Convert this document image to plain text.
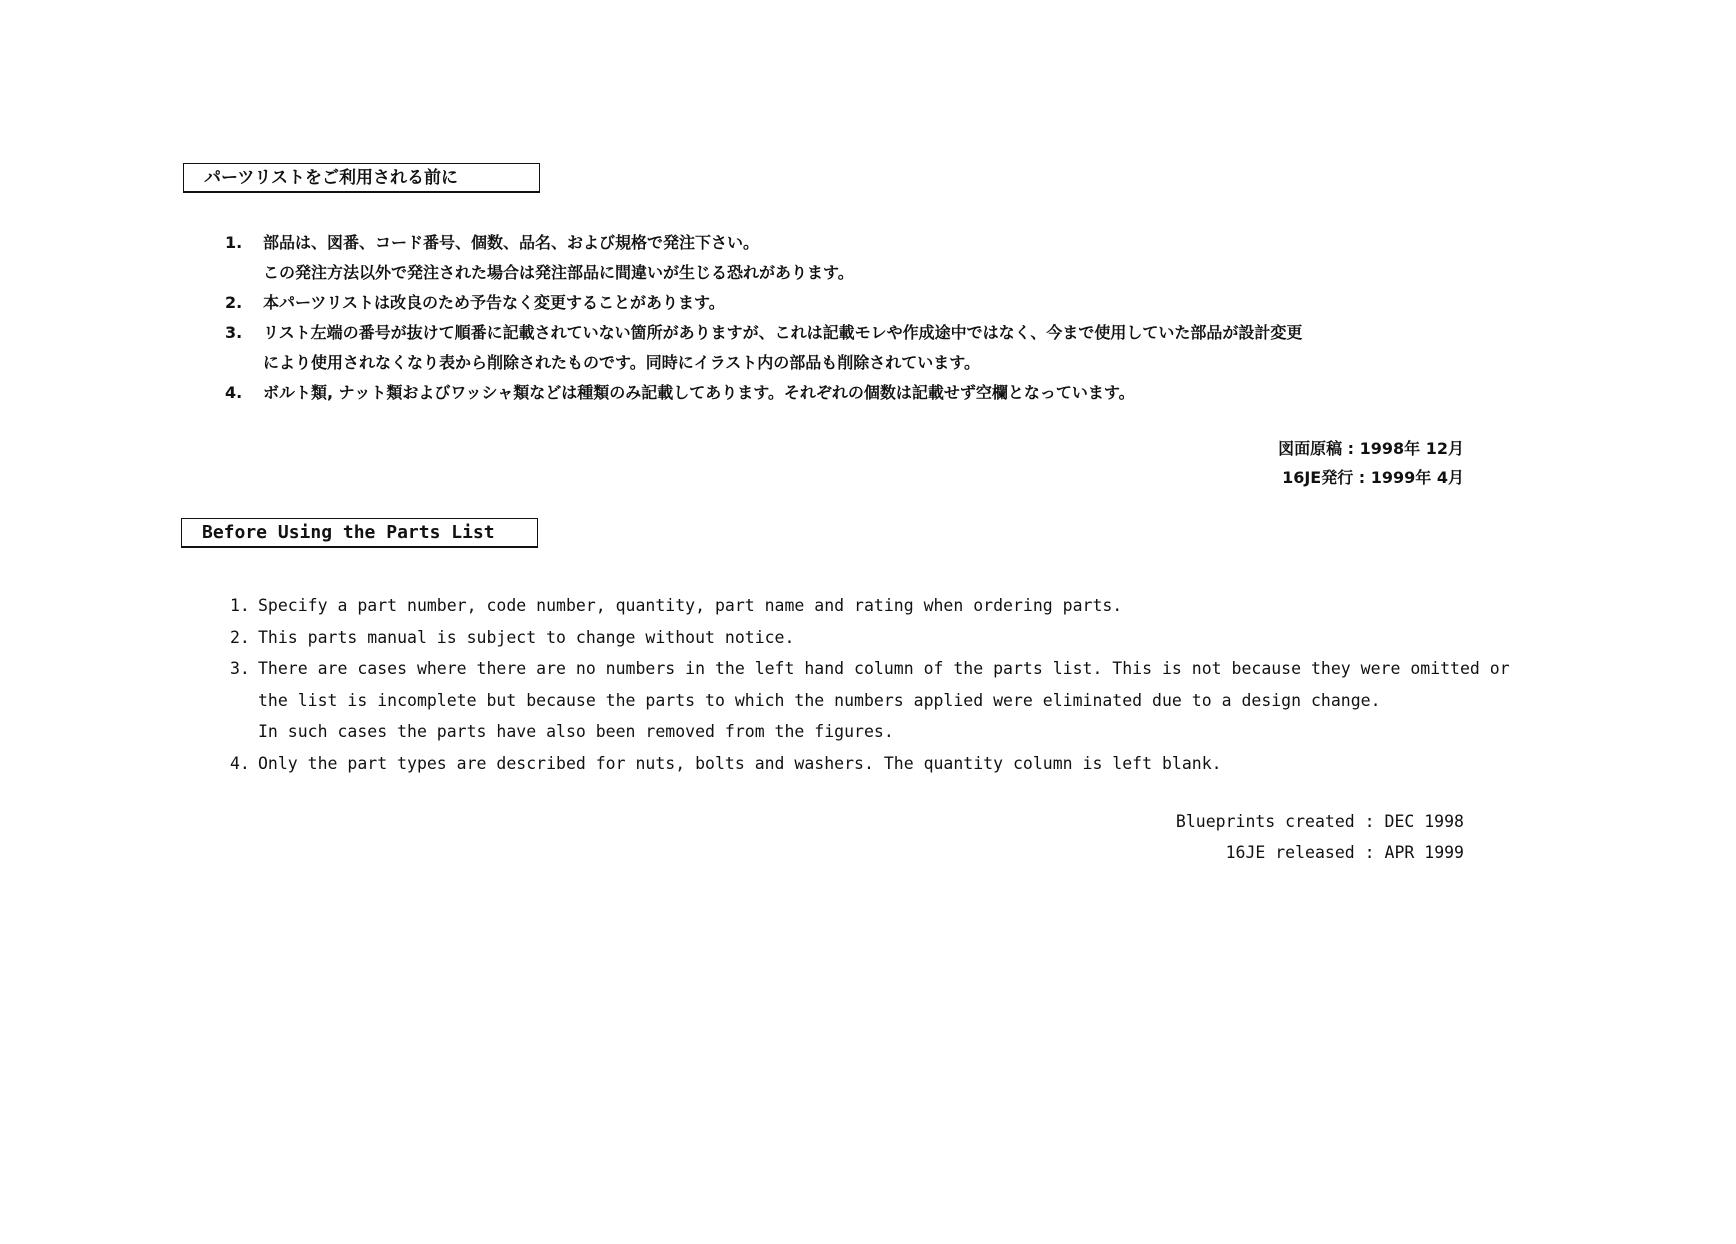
パーツリストをご利用される前に
1.	部品は、図番、コード番号、個数、品名、および規格で発注下さい。
この発注方法以外で発注された場合は発注部品に間違いが生じる恐れがあります。
2.	本パーツリストは改良のため予告なく変更することがあります。
3.	リスト左端の番号が抜けて順番に記載されていない箇所がありますが、これは記載モレや作成途中ではなく、今まで使用していた部品が設計変更
により使用されなくなり表から削除されたものです。同時にイラスト内の部品も削除されています。
4.	ボルト類, ナット類およびワッシャ類などは種類のみ記載してあります。それぞれの個数は記載せず空欄となっています。
図面原稿 : 1998年 12月
16JE発行 : 1999年 4月
Before Using the Parts List
1. Specify a part number, code number, quantity, part name and rating when ordering parts.
2. This parts manual is subject to change without notice.
3. There are cases where there are no numbers in the left hand column of the parts list. This is not because they were omitted or
the list is incomplete but because the parts to which the numbers applied were eliminated due to a design change.
In such cases the parts have also been removed from the figures.
4. Only the part types are described for nuts, bolts and washers. The quantity column is left blank.
Blueprints created : DEC 1998
16JE released : APR 1999
